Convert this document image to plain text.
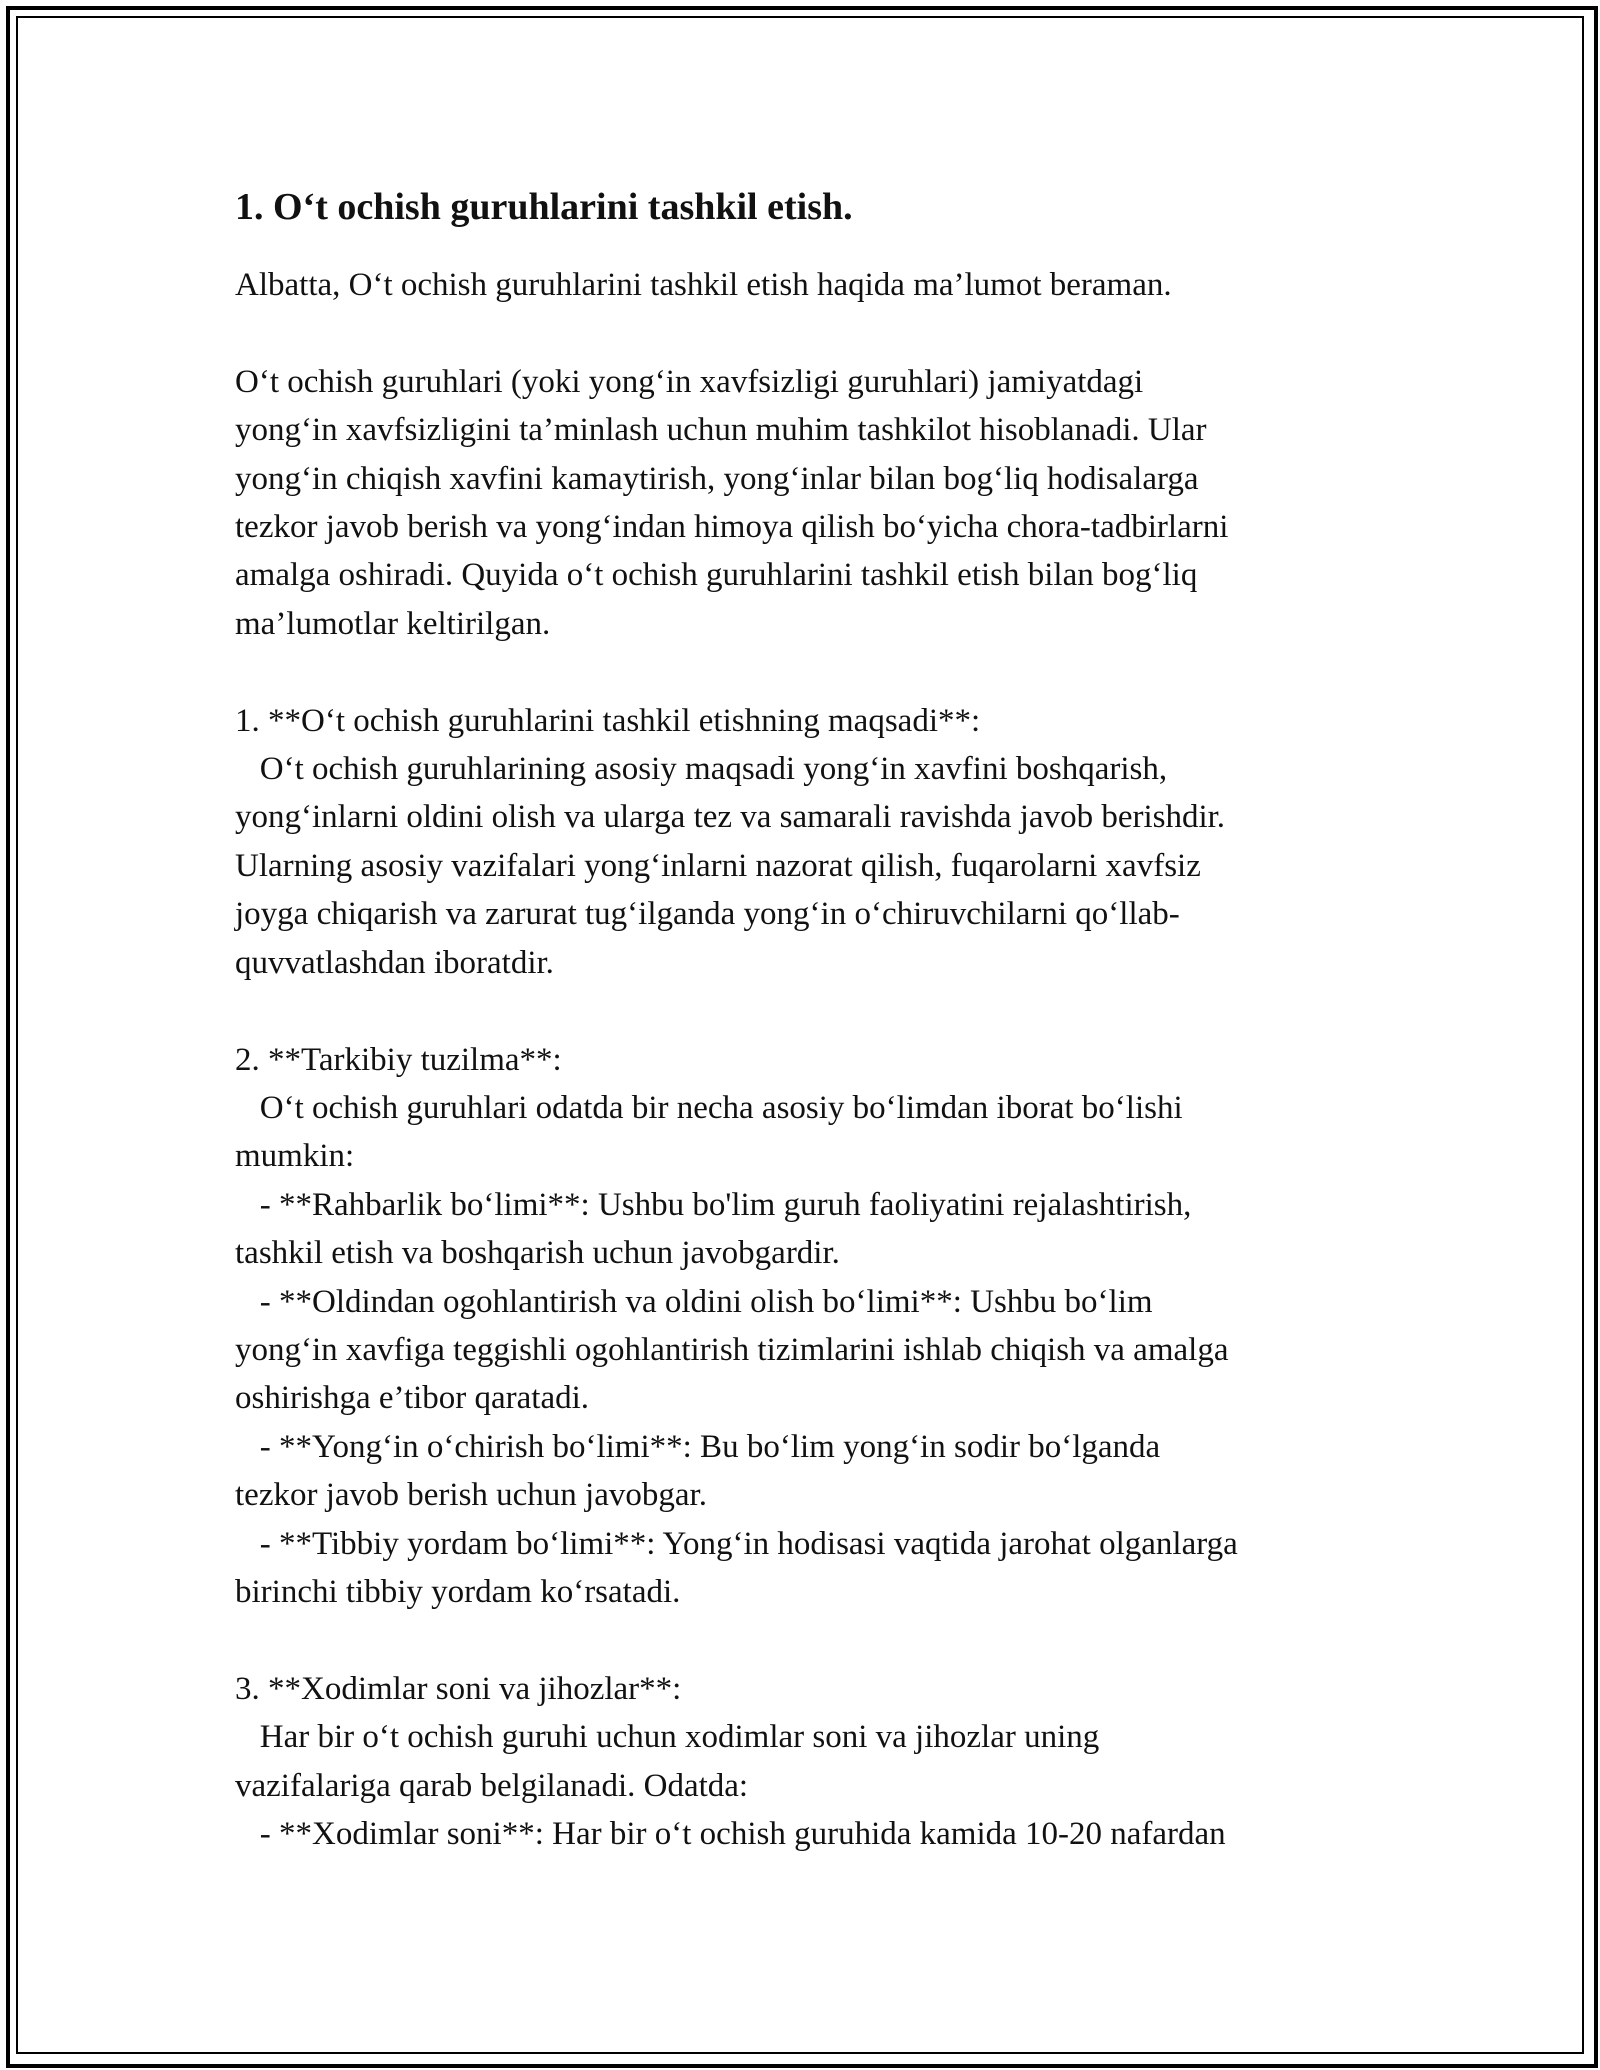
1. O‘t ochish guruhlarini tashkil etish.
Albatta, O‘t ochish guruhlarini tashkil etish haqida ma’lumot beraman.

O‘t ochish guruhlari (yoki yong‘in xavfsizligi guruhlari) jamiyatdagi
yong‘in xavfsizligini ta’minlash uchun muhim tashkilot hisoblanadi. Ular
yong‘in chiqish xavfini kamaytirish, yong‘inlar bilan bog‘liq hodisalarga
tezkor javob berish va yong‘indan himoya qilish bo‘yicha chora-tadbirlarni
amalga oshiradi. Quyida o‘t ochish guruhlarini tashkil etish bilan bog‘liq
ma’lumotlar keltirilgan.

1. **O‘t ochish guruhlarini tashkil etishning maqsadi**:
O‘t ochish guruhlarining asosiy maqsadi yong‘in xavfini boshqarish,
yong‘inlarni oldini olish va ularga tez va samarali ravishda javob berishdir.
Ularning asosiy vazifalari yong‘inlarni nazorat qilish, fuqarolarni xavfsiz
joyga chiqarish va zarurat tug‘ilganda yong‘in o‘chiruvchilarni qo‘llab-
quvvatlashdan iboratdir.

2. **Tarkibiy tuzilma**:
O‘t ochish guruhlari odatda bir necha asosiy bo‘limdan iborat bo‘lishi
mumkin:
- **Rahbarlik bo‘limi**: Ushbu bo'lim guruh faoliyatini rejalashtirish,
tashkil etish va boshqarish uchun javobgardir.
- **Oldindan ogohlantirish va oldini olish bo‘limi**: Ushbu bo‘lim
yong‘in xavfiga teggishli ogohlantirish tizimlarini ishlab chiqish va amalga
oshirishga e’tibor qaratadi.
- **Yong‘in o‘chirish bo‘limi**: Bu bo‘lim yong‘in sodir bo‘lganda
tezkor javob berish uchun javobgar.
- **Tibbiy yordam bo‘limi**: Yong‘in hodisasi vaqtida jarohat olganlarga
birinchi tibbiy yordam ko‘rsatadi.

3. **Xodimlar soni va jihozlar**:
Har bir o‘t ochish guruhi uchun xodimlar soni va jihozlar uning
vazifalariga qarab belgilanadi. Odatda:
- **Xodimlar soni**: Har bir o‘t ochish guruhida kamida 10-20 nafardan
